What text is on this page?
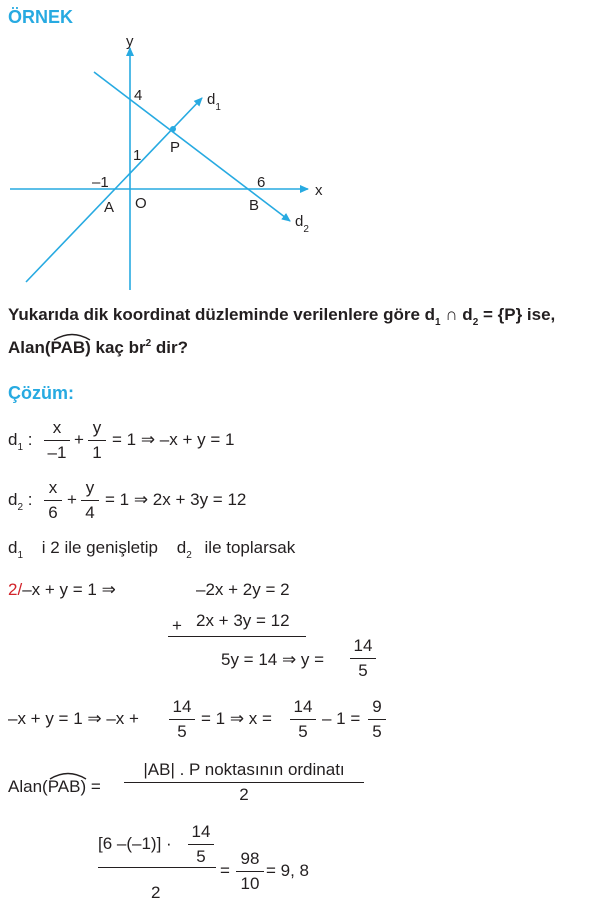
ÖRNEK
y
x
4
1
–1	6
A O	B
P
$d_1$
$d_2$
Yukarıda dik koordinat düzleminde verilenlere göre $d_1$ ∩ $d_2 = \{P\}$ ise,
Alan(
PAB) kaç $br^2$ dir?
Çözüm:
$d_1$ :
x
–1
+
y
1
= 1 ⇒ –x + y = 1
$d_2$ :
x
6
+
y
4
= 1 ⇒ 2x + 3y = 12
$d_1$ i 2 ile genişletip $d_2$ ile toplarsak
2/–x + y = 1 ⇒	–2x + 2y = 2
+ 2x + 3y = 12
5y = 14 ⇒ y =
14
5
–x + y = 1 ⇒ –x +
14
5
= 1 ⇒ x =
14
5
– 1 =
9
5
Alan(
PAB) =
|AB| . P noktasının ordinatı
2
[6 –(–1)] ·
14
5
2
=
98
10
= 9, 8
